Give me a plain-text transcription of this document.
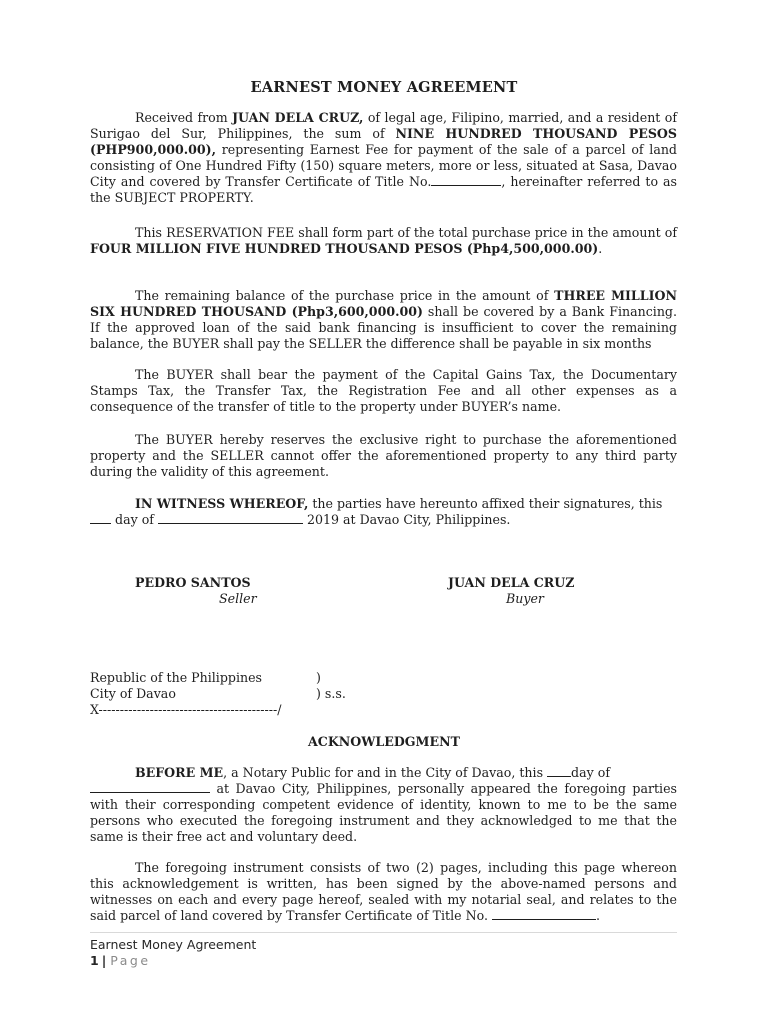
EARNEST MONEY AGREEMENT

Received from JUAN DELA CRUZ, of legal age, Filipino, married, and a resident of Surigao del Sur, Philippines, the sum of NINE HUNDRED THOUSAND PESOS (PHP900,000.00), representing Earnest Fee for payment of the sale of a parcel of land consisting of One Hundred Fifty (150) square meters, more or less, situated at Sasa, Davao City and covered by Transfer Certificate of Title No.	, hereinafter referred to as the SUBJECT PROPERTY.

This RESERVATION FEE shall form part of the total purchase price in the amount of FOUR MILLION FIVE HUNDRED THOUSAND PESOS (Php4,500,000.00).

The remaining balance of the purchase price in the amount of THREE MILLION SIX HUNDRED THOUSAND (Php3,600,000.00) shall be covered by a Bank Financing. If the approved loan of the said bank financing is insufficient to cover the remaining balance, the BUYER shall pay the SELLER the difference shall be payable in six months

The BUYER shall bear the payment of the Capital Gains Tax, the Documentary Stamps Tax, the Transfer Tax, the Registration Fee and all other expenses as a consequence of the transfer of title to the property under BUYER’s name.

The BUYER hereby reserves the exclusive right to purchase the aforementioned property and the SELLER cannot offer the aforementioned property to any third party during the validity of this agreement.

IN WITNESS WHEREOF, the parties have hereunto affixed their signatures, this
day of	2019 at Davao City, Philippines.

PEDRO SANTOS
Seller
JUAN DELA CRUZ
Buyer
Republic of the Philippines	)
City of Davao	) s.s.
X------------------------------------------/
ACKNOWLEDGMENT

BEFORE ME, a Notary Public for and in the City of Davao, this day of
at Davao City, Philippines, personally appeared the foregoing parties with their corresponding competent evidence of identity, known to me to be the same persons who executed the foregoing instrument and they acknowledged to me that the same is their free act and voluntary deed.

The foregoing instrument consists of two (2) pages, including this page whereon this acknowledgement is written, has been signed by the above-named persons and witnesses on each and every page hereof, sealed with my notarial seal, and relates to the said parcel of land covered by Transfer Certificate of Title No.	.

Earnest Money Agreement
1 | Page
